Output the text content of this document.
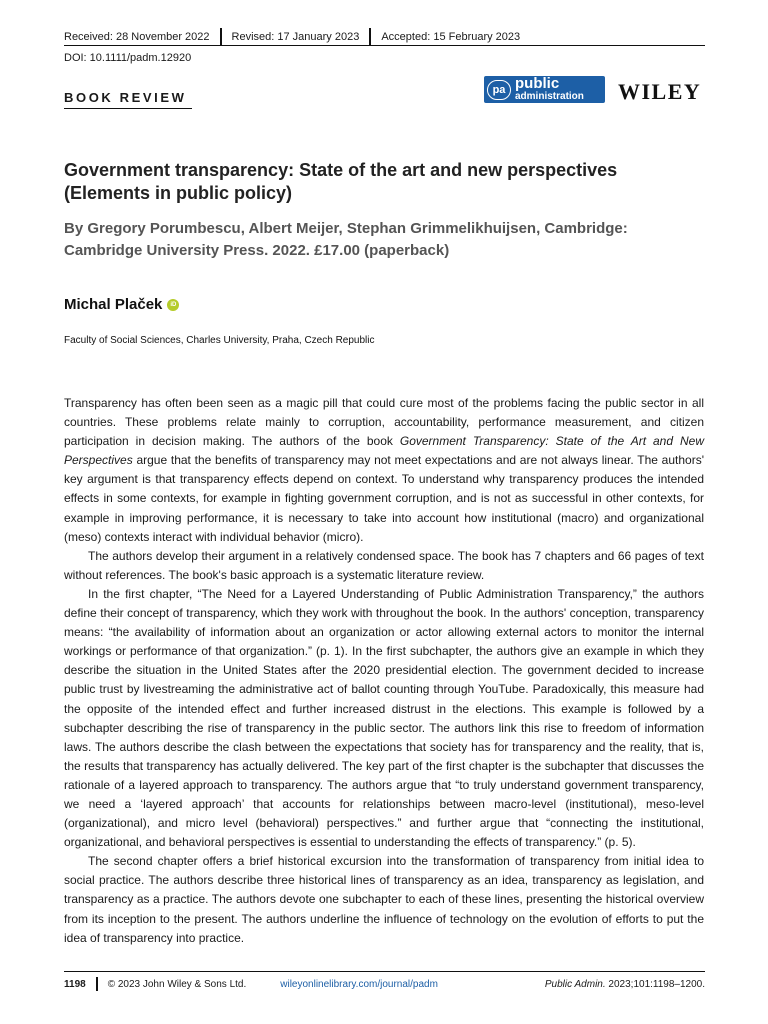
Received: 28 November 2022 Revised: 17 January 2023 Accepted: 15 February 2023
DOI: 10.1111/padm.12920
BOOK REVIEW	pa public
administration WILEY
Government transparency: State of the art and new perspectives (Elements in public policy)
By Gregory Porumbescu, Albert Meijer, Stephan Grimmelikhuijsen, Cambridge: Cambridge University Press. 2022. £17.00 (paperback)
Michal Plaček	iD
Faculty of Social Sciences, Charles University, Praha, Czech Republic

Transparency has often been seen as a magic pill that could cure most of the problems facing the public sector in all countries. These problems relate mainly to corruption, accountability, performance measurement, and citizen participation in decision making. The authors of the book Government Transparency: State of the Art and New Perspectives argue that the benefits of transparency may not meet expectations and are not always linear. The authors' key argument is that transparency effects depend on context. To understand why transparency produces the intended effects in some contexts, for example in fighting government corruption, and is not as successful in other contexts, for example in improving performance, it is necessary to take into account how institutional (macro) and organizational (meso) contexts interact with individual behavior (micro).

The authors develop their argument in a relatively condensed space. The book has 7 chapters and 66 pages of text without references. The book's basic approach is a systematic literature review.

In the first chapter, “The Need for a Layered Understanding of Public Administration Transparency,” the authors define their concept of transparency, which they work with throughout the book. In the authors' conception, transparency means: “the availability of information about an organization or actor allowing external actors to monitor the internal workings or performance of that organization.” (p. 1). In the first subchapter, the authors give an example in which they describe the situation in the United States after the 2020 presidential election. The government decided to increase public trust by livestreaming the administrative act of ballot counting through YouTube. Paradoxically, this measure had the opposite of the intended effect and further increased distrust in the elections. This example is followed by a subchapter describing the rise of transparency in the public sector. The authors link this rise to freedom of information laws. The authors describe the clash between the expectations that society has for transparency and the reality, that is, the results that transparency has actually delivered. The key part of the first chapter is the subchapter that discusses the rationale of a layered approach to transparency. The authors argue that “to truly understand government transparency, we need a ‘layered approach’ that accounts for relationships between macro-level (institutional), meso-level (organizational), and micro level (behavioral) perspectives.” and further argue that “connecting the institutional, organizational, and behavioral perspectives is essential to understanding the effects of transparency.” (p. 5).

The second chapter offers a brief historical excursion into the transformation of transparency from initial idea to social practice. The authors describe three historical lines of transparency as an idea, transparency as legislation, and transparency as a practice. The authors devote one subchapter to each of these lines, presenting the historical overview from its inception to the present. The authors underline the influence of technology on the evolution of efforts to put the idea of transparency into practice.

1198 © 2023 John Wiley & Sons Ltd.	wileyonlinelibrary.com/journal/padm	Public Admin. 2023;101:1198–1200.
